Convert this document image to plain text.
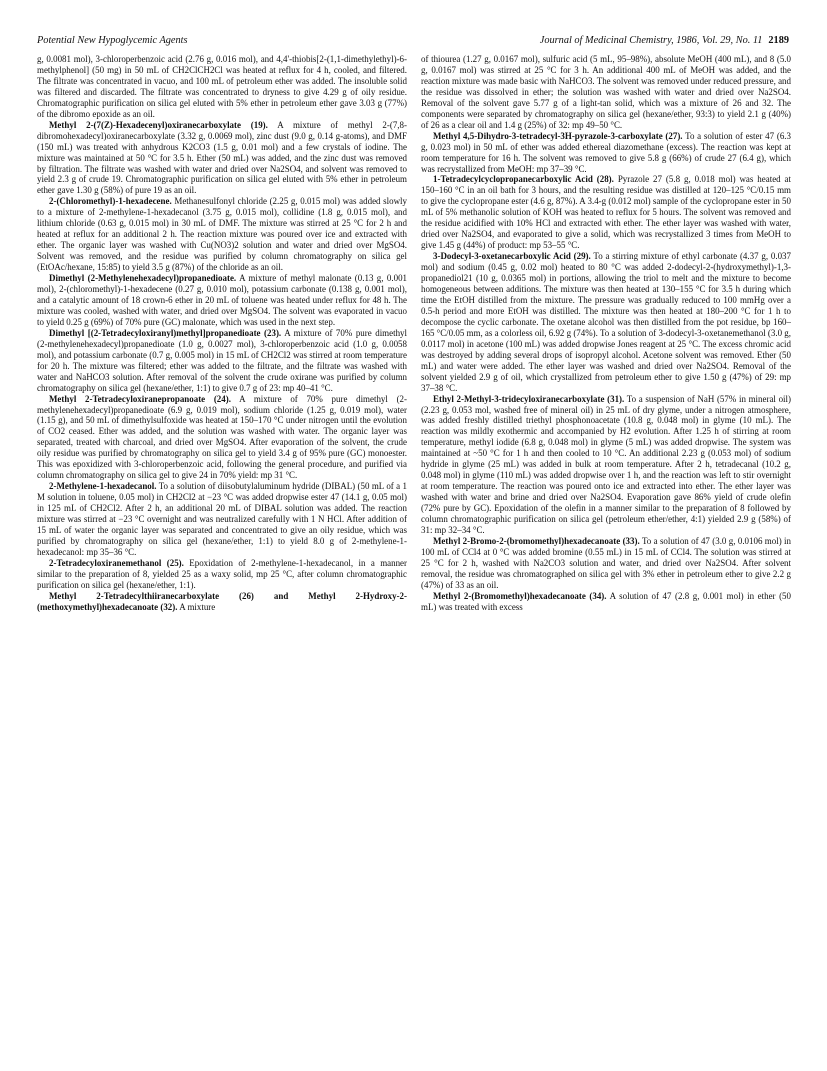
Potential New Hypoglycemic Agents	Journal of Medicinal Chemistry, 1986, Vol. 29, No. 11 2189

g, 0.0081 mol), 3-chloroperbenzoic acid (2.76 g, 0.016 mol), and 4,4'-thiobis[2-(1,1-dimethylethyl)-6-methylphenol] (50 mg) in 50 mL of CH2ClCH2Cl was heated at reflux for 4 h, cooled, and filtered. The filtrate was concentrated in vacuo, and 100 mL of petroleum ether was added. The insoluble solid was filtered and discarded. The filtrate was concentrated to dryness to give 4.29 g of oily residue. Chromatographic purification on silica gel eluted with 5% ether in petroleum ether gave 3.03 g (77%) of the dibromo epoxide as an oil.

Methyl 2-(7(Z)-Hexadecenyl)oxiranecarboxylate (19). A mixture of methyl 2-(7,8-dibromohexadecyl)oxiranecarboxylate (3.32 g, 0.0069 mol), zinc dust (9.0 g, 0.14 g-atoms), and DMF (150 mL) was treated with anhydrous K2CO3 (1.5 g, 0.01 mol) and a few crystals of iodine. The mixture was maintained at 50 °C for 3.5 h. Ether (50 mL) was added, and the zinc dust was removed by filtration. The filtrate was washed with water and dried over Na2SO4, and solvent was removed to yield 2.3 g of crude 19. Chromatographic purification on silica gel eluted with 5% ether in petroleum ether gave 1.30 g (58%) of pure 19 as an oil.

2-(Chloromethyl)-1-hexadecene. Methanesulfonyl chloride (2.25 g, 0.015 mol) was added slowly to a mixture of 2-methylene-1-hexadecanol (3.75 g, 0.015 mol), collidine (1.8 g, 0.015 mol), and lithium chloride (0.63 g, 0.015 mol) in 30 mL of DMF. The mixture was stirred at 25 °C for 2 h and heated at reflux for an additional 2 h. The reaction mixture was poured over ice and extracted with ether. The organic layer was washed with Cu(NO3)2 solution and water and dried over MgSO4. Solvent was removed, and the residue was purified by column chromatography on silica gel (EtOAc/hexane, 15:85) to yield 3.5 g (87%) of the chloride as an oil.

Dimethyl (2-Methylenehexadecyl)propanedioate. A mixture of methyl malonate (0.13 g, 0.001 mol), 2-(chloromethyl)-1-hexadecene (0.27 g, 0.010 mol), potassium carbonate (0.138 g, 0.001 mol), and a catalytic amount of 18 crown-6 ether in 20 mL of toluene was heated under reflux for 48 h. The mixture was cooled, washed with water, and dried over MgSO4. The solvent was evaporated in vacuo to yield 0.25 g (69%) of 70% pure (GC) malonate, which was used in the next step.

Dimethyl [(2-Tetradecyloxiranyl)methyl]propanedioate (23). A mixture of 70% pure dimethyl (2-methylenehexadecyl)propanedioate (1.0 g, 0.0027 mol), 3-chloroperbenzoic acid (1.0 g, 0.0058 mol), and potassium carbonate (0.7 g, 0.005 mol) in 15 mL of CH2Cl2 was stirred at room temperature for 20 h. The mixture was filtered; ether was added to the filtrate, and the filtrate was washed with water and NaHCO3 solution. After removal of the solvent the crude oxirane was purified by column chromatography on silica gel (hexane/ether, 1:1) to give 0.7 g of 23: mp 40–41 °C.

Methyl 2-Tetradecyloxiranepropanoate (24). A mixture of 70% pure dimethyl (2-methylenehexadecyl)propanedioate (6.9 g, 0.019 mol), sodium chloride (1.25 g, 0.019 mol), water (1.15 g), and 50 mL of dimethylsulfoxide was heated at 150–170 °C under nitrogen until the evolution of CO2 ceased. Ether was added, and the solution was washed with water. The organic layer was separated, treated with charcoal, and dried over MgSO4. After evaporation of the solvent, the crude oily residue was purified by chromatography on silica gel to yield 3.4 g of 95% pure (GC) monoester. This was epoxidized with 3-chloroperbenzoic acid, following the general procedure, and purified via column chromatography on silica gel to give 24 in 70% yield: mp 31 °C.

2-Methylene-1-hexadecanol. To a solution of diisobutylaluminum hydride (DIBAL) (50 mL of a 1 M solution in toluene, 0.05 mol) in CH2Cl2 at −23 °C was added dropwise ester 47 (14.1 g, 0.05 mol) in 125 mL of CH2Cl2. After 2 h, an additional 20 mL of DIBAL solution was added. The reaction mixture was stirred at −23 °C overnight and was neutralized carefully with 1 N HCl. After addition of 15 mL of water the organic layer was separated and concentrated to give an oily residue, which was purified by chromatography on silica gel (hexane/ether, 1:1) to yield 8.0 g of 2-methylene-1-hexadecanol: mp 35–36 °C.

2-Tetradecyloxiranemethanol (25). Epoxidation of 2-methylene-1-hexadecanol, in a manner similar to the preparation of 8, yielded 25 as a waxy solid, mp 25 °C, after column chromatographic purification on silica gel (hexane/ether, 1:1).

Methyl 2-Tetradecylthiiranecarboxylate (26) and Methyl 2-Hydroxy-2-(methoxymethyl)hexadecanoate (32). A mixture

of thiourea (1.27 g, 0.0167 mol), sulfuric acid (5 mL, 95–98%), absolute MeOH (400 mL), and 8 (5.0 g, 0.0167 mol) was stirred at 25 °C for 3 h. An additional 400 mL of MeOH was added, and the reaction mixture was made basic with NaHCO3. The solvent was removed under reduced pressure, and the residue was dissolved in ether; the solution was washed with water and dried over Na2SO4. Removal of the solvent gave 5.77 g of a light-tan solid, which was a mixture of 26 and 32. The components were separated by chromatography on silica gel (hexane/ether, 93:3) to yield 2.1 g (40%) of 26 as a clear oil and 1.4 g (25%) of 32: mp 49–50 °C.

Methyl 4,5-Dihydro-3-tetradecyl-3H-pyrazole-3-carboxylate (27). To a solution of ester 47 (6.3 g, 0.023 mol) in 50 mL of ether was added ethereal diazomethane (excess). The reaction was kept at room temperature for 16 h. The solvent was removed to give 5.8 g (66%) of crude 27 (6.4 g), which was recrystallized from MeOH: mp 37–39 °C.

1-Tetradecylcyclopropanecarboxylic Acid (28). Pyrazole 27 (5.8 g, 0.018 mol) was heated at 150–160 °C in an oil bath for 3 hours, and the resulting residue was distilled at 120–125 °C/0.15 mm to give the cyclopropane ester (4.6 g, 87%). A 3.4-g (0.012 mol) sample of the cyclopropane ester in 50 mL of 5% methanolic solution of KOH was heated to reflux for 5 hours. The solvent was removed and the residue acidified with 10% HCl and extracted with ether. The ether layer was washed with water, dried over Na2SO4, and evaporated to give a solid, which was recrystallized 3 times from MeOH to give 1.45 g (44%) of product: mp 53–55 °C.

3-Dodecyl-3-oxetanecarboxylic Acid (29). To a stirring mixture of ethyl carbonate (4.37 g, 0.037 mol) and sodium (0.45 g, 0.02 mol) heated to 80 °C was added 2-dodecyl-2-(hydroxymethyl)-1,3-propanediol21 (10 g, 0.0365 mol) in portions, allowing the triol to melt and the mixture to become homogeneous between additions. The mixture was then heated at 130–155 °C for 3.5 h during which time the EtOH distilled from the mixture. The pressure was gradually reduced to 100 mmHg over a 0.5-h period and more EtOH was distilled. The mixture was then heated at 180–200 °C for 1 h to decompose the cyclic carbonate. The oxetane alcohol was then distilled from the pot residue, bp 160–165 °C/0.05 mm, as a colorless oil, 6.92 g (74%). To a solution of 3-dodecyl-3-oxetanemethanol (3.0 g, 0.0117 mol) in acetone (100 mL) was added dropwise Jones reagent at 25 °C. The excess chromic acid was destroyed by adding several drops of isopropyl alcohol. Acetone solvent was removed. Ether (50 mL) and water were added. The ether layer was washed and dried over Na2SO4. Removal of the solvent yielded 2.9 g of oil, which crystallized from petroleum ether to give 1.50 g (47%) of 29: mp 37–38 °C.

Ethyl 2-Methyl-3-tridecyloxiranecarboxylate (31). To a suspension of NaH (57% in mineral oil) (2.23 g, 0.053 mol, washed free of mineral oil) in 25 mL of dry glyme, under a nitrogen atmosphere, was added freshly distilled triethyl phosphonoacetate (10.8 g, 0.048 mol) in glyme (10 mL). The reaction was mildly exothermic and accompanied by H2 evolution. After 1.25 h of stirring at room temperature, methyl iodide (6.8 g, 0.048 mol) in glyme (5 mL) was added dropwise. The system was maintained at ~50 °C for 1 h and then cooled to 10 °C. An additional 2.23 g (0.053 mol) of sodium hydride in glyme (25 mL) was added in bulk at room temperature. After 2 h, tetradecanal (10.2 g, 0.048 mol) in glyme (110 mL) was added dropwise over 1 h, and the reaction was left to stir overnight at room temperature. The reaction was poured onto ice and extracted into ether. The ether layer was washed with water and brine and dried over Na2SO4. Evaporation gave 86% yield of crude olefin (72% pure by GC). Epoxidation of the olefin in a manner similar to the preparation of 8 followed by column chromatographic purification on silica gel (petroleum ether/ether, 4:1) yielded 2.9 g (58%) of 31: mp 32–34 °C.

Methyl 2-Bromo-2-(bromomethyl)hexadecanoate (33). To a solution of 47 (3.0 g, 0.0106 mol) in 100 mL of CCl4 at 0 °C was added bromine (0.55 mL) in 15 mL of CCl4. The solution was stirred at 25 °C for 2 h, washed with Na2CO3 solution and water, and dried over Na2SO4. After solvent removal, the residue was chromatographed on silica gel with 3% ether in petroleum ether to give 2.2 g (47%) of 33 as an oil.

Methyl 2-(Bromomethyl)hexadecanoate (34). A solution of 47 (2.8 g, 0.001 mol) in ether (50 mL) was treated with excess
